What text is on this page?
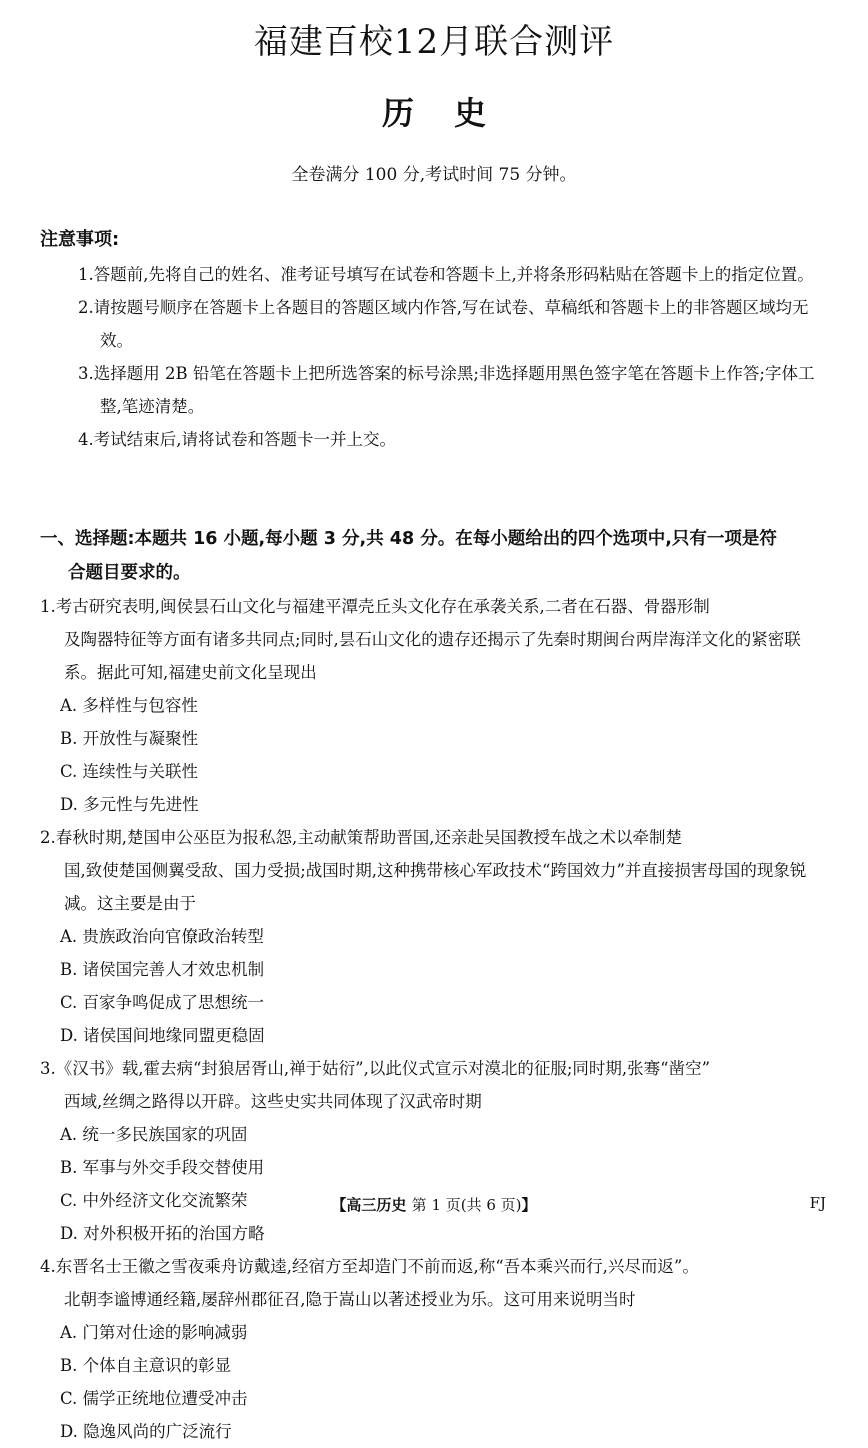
福建百校12月联合测评
历史
全卷满分 100 分,考试时间 75 分钟。
注意事项:

1.答题前,先将自己的姓名、准考证号填写在试卷和答题卡上,并将条形码粘贴在答题卡上的指定位置。

2.请按题号顺序在答题卡上各题目的答题区域内作答,写在试卷、草稿纸和答题卡上的非答题区域均无效。

3.选择题用 2B 铅笔在答题卡上把所选答案的标号涂黑;非选择题用黑色签字笔在答题卡上作答;字体工整,笔迹清楚。

4.考试结束后,请将试卷和答题卡一并上交。

一、选择题:本题共 16 小题,每小题 3 分,共 48 分。在每小题给出的四个选项中,只有一项是符
合题目要求的。

1.考古研究表明,闽侯昙石山文化与福建平潭壳丘头文化存在承袭关系,二者在石器、骨器形制
及陶器特征等方面有诸多共同点;同时,昙石山文化的遗存还揭示了先秦时期闽台两岸海洋文化的紧密联系。据此可知,福建史前文化呈现出

A. 多样性与包容性
B. 开放性与凝聚性
C. 连续性与关联性
D. 多元性与先进性

2.春秋时期,楚国申公巫臣为报私怨,主动献策帮助晋国,还亲赴吴国教授车战之术以牵制楚
国,致使楚国侧翼受敌、国力受损;战国时期,这种携带核心军政技术“跨国效力”并直接损害母国的现象锐减。这主要是由于

A. 贵族政治向官僚政治转型
B. 诸侯国完善人才效忠机制
C. 百家争鸣促成了思想统一
D. 诸侯国间地缘同盟更稳固

3.《汉书》载,霍去病“封狼居胥山,禅于姑衍”,以此仪式宣示对漠北的征服;同时期,张骞“凿空”
西域,丝绸之路得以开辟。这些史实共同体现了汉武帝时期

A. 统一多民族国家的巩固
B. 军事与外交手段交替使用
C. 中外经济文化交流繁荣
D. 对外积极开拓的治国方略

4.东晋名士王徽之雪夜乘舟访戴逵,经宿方至却造门不前而返,称“吾本乘兴而行,兴尽而返”。
北朝李谧博通经籍,屡辞州郡征召,隐于嵩山以著述授业为乐。这可用来说明当时

A. 门第对仕途的影响减弱
B. 个体自主意识的彰显
C. 儒学正统地位遭受冲击
D. 隐逸风尚的广泛流行
【高三历史 第 1 页(共 6 页)】	FJ
